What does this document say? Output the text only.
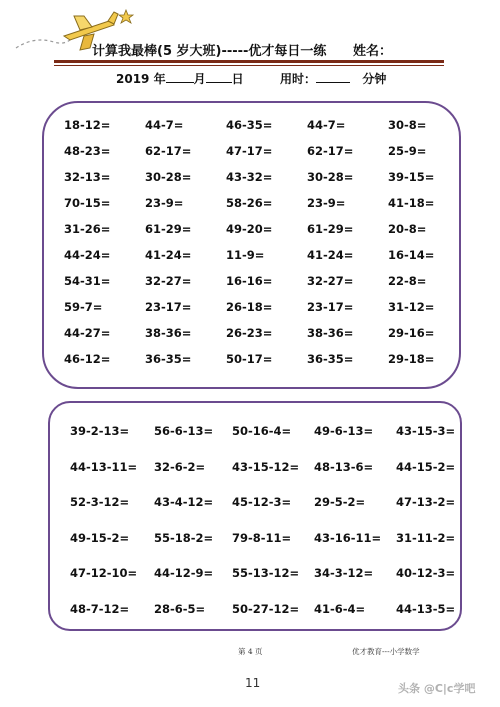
计算我最棒(5 岁大班)-----优才每日一练 姓名：
2019 年 月 日	用时：	分钟
18-12=	44-7=	46-35=	44-7=	30-8=
48-23=	62-17=	47-17=	62-17=	25-9=
32-13=	30-28=	43-32=	30-28=	39-15=
70-15=	23-9=	58-26=	23-9=	41-18=
31-26=	61-29=	49-20=	61-29=	20-8=
44-24=	41-24=	11-9=	41-24=	16-14=
54-31=	32-27=	16-16=	32-27=	22-8=
59-7=	23-17=	26-18=	23-17=	31-12=
44-27=	38-36=	26-23=	38-36=	29-16=
46-12=	36-35=	50-17=	36-35=	29-18=
39-2-13=	56-6-13=	50-16-4=	49-6-13=	43-15-3=
44-13-11=	32-6-2=	43-15-12=	48-13-6=	44-15-2=
52-3-12=	43-4-12=	45-12-3=	29-5-2=	47-13-2=
49-15-2=	55-18-2=	79-8-11=	43-16-11=	31-11-2=
47-12-10=	44-12-9=	55-13-12=	34-3-12=	40-12-3=
48-7-12=	28-6-5=	50-27-12=	41-6-4=	44-13-5=
第 4 页	优才教育---小学数学
11	头条 @C|c学吧
